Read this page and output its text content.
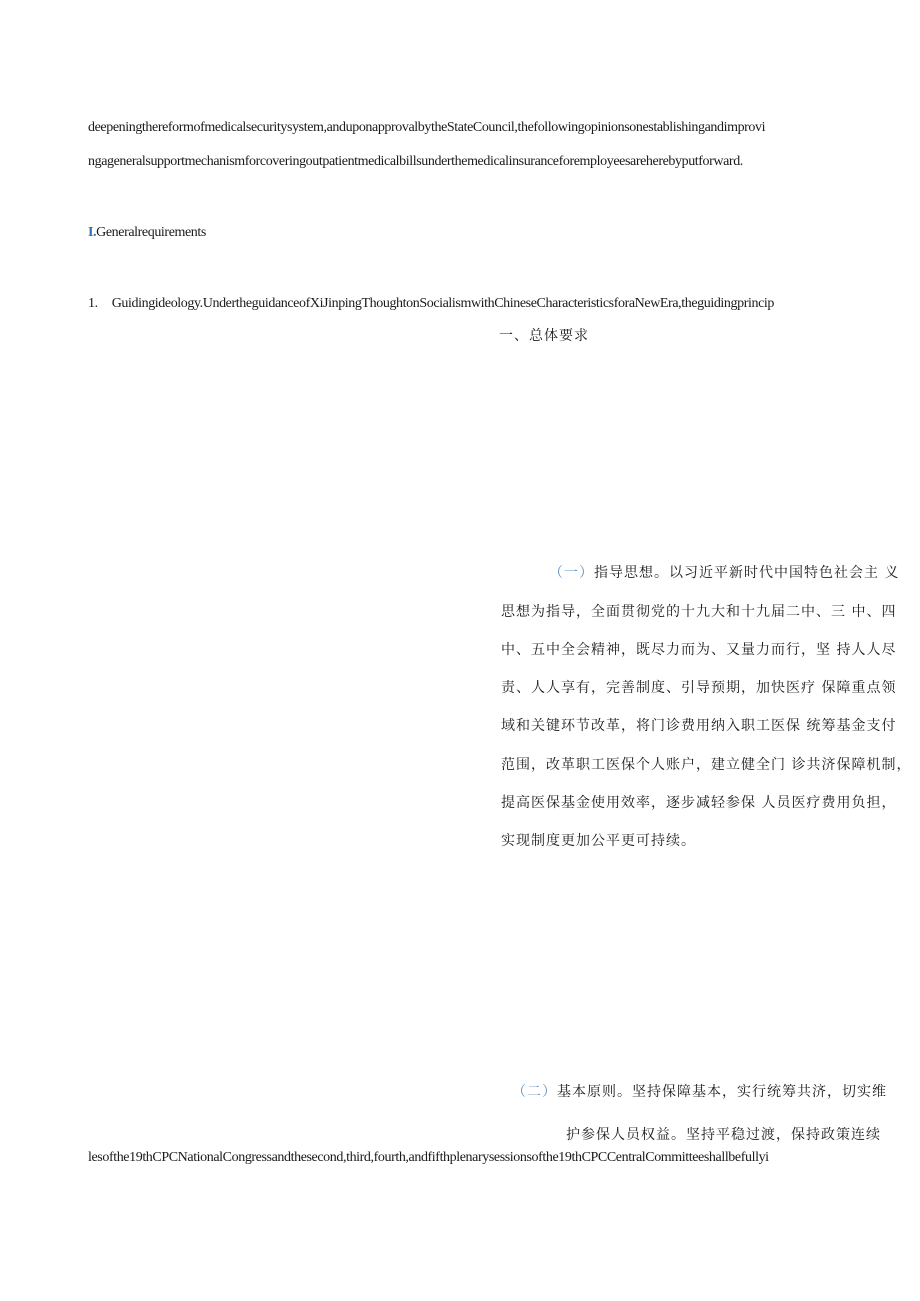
deepeningthereformofmedicalsecuritysystem,anduponapprovalbytheStateCouncil,thefollowingopinionsonestablishingandimprovi
ngageneralsupportmechanismforcoveringoutpatientmedicalbillsunderthemedicalinsuranceforemployeesareherebyputforward.
I.Generalrequirements
1. Guidingideology.UndertheguidanceofXiJinpingThoughtonSocialismwithChineseCharacteristicsforaNewEra,theguidingprincip
一、总体要求
（一）指导思想。以习近平新时代中国特色社会主 义
思想为指导，全面贯彻党的十九大和十九届二中、三 中、四
中、五中全会精神，既尽力而为、又量力而行，坚 持人人尽
责、人人享有，完善制度、引导预期，加快医疗 保障重点领
域和关键环节改革，将门诊费用纳入职工医保 统筹基金支付
范围，改革职工医保个人账户，建立健全门 诊共济保障机制，
提高医保基金使用效率，逐步减轻参保 人员医疗费用负担，
实现制度更加公平更可持续。
（二）基本原则。坚持保障基本，实行统筹共济，切实维
护参保人员权益。坚持平稳过渡，保持政策连续
lesofthe19thCPCNationalCongressandthesecond,third,fourth,andfifthplenarysessionsofthe19thCPCCentralCommitteeshallbefullyi
